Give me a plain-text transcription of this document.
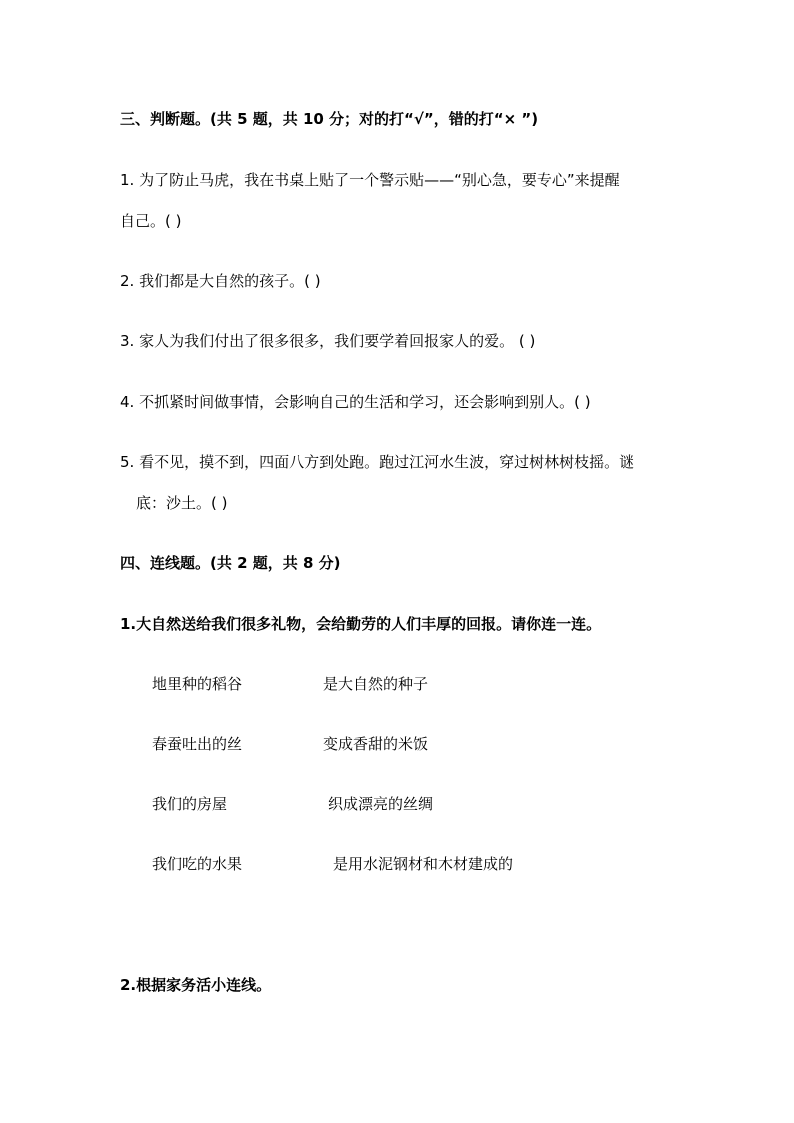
三、判断题。(共 5 题，共 10 分；对的打“√”，错的打“× ”)
1. 为了防止马虎，我在书桌上贴了一个警示贴——“别心急，要专心”来提醒
自己。( )
2. 我们都是大自然的孩子。( )
3. 家人为我们付出了很多很多，我们要学着回报家人的爱。 ( )
4. 不抓紧时间做事情，会影响自己的生活和学习，还会影响到别人。( )
5. 看不见，摸不到，四面八方到处跑。跑过江河水生波，穿过树林树枝摇。谜
底：沙土。( )
四、连线题。(共 2 题，共 8 分)
1.大自然送给我们很多礼物，会给勤劳的人们丰厚的回报。请你连一连。
地里种的稻谷	是大自然的种子
春蚕吐出的丝	变成香甜的米饭
我们的房屋	织成漂亮的丝绸
我们吃的水果	是用水泥钢材和木材建成的
2.根据家务活小连线。
